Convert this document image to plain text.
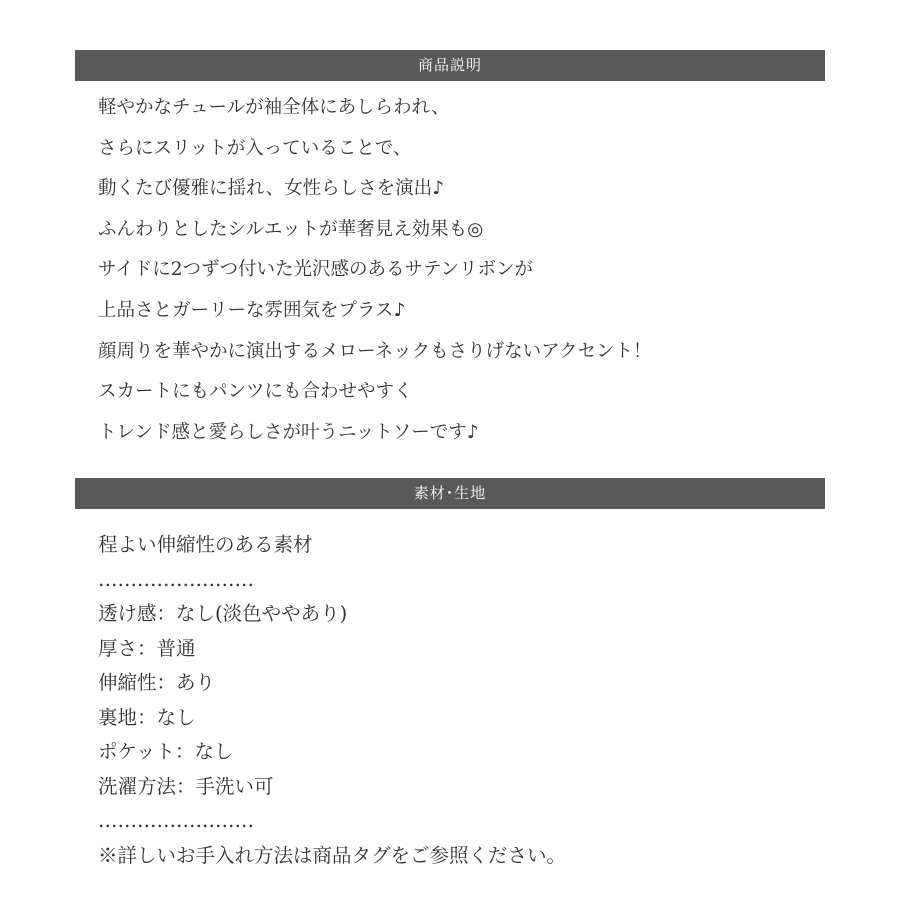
商品説明
軽やかなチュールが袖全体にあしらわれ、
さらにスリットが入っていることで、
動くたび優雅に揺れ、女性らしさを演出♪
ふんわりとしたシルエットが華奢見え効果も◎
サイドに2つずつ付いた光沢感のあるサテンリボンが
上品さとガーリーな雰囲気をプラス♪
顔周りを華やかに演出するメローネックもさりげないアクセント！
スカートにもパンツにも合わせやすく
トレンド感と愛らしさが叶うニットソーです♪
素材･生地
程よい伸縮性のある素材
……………………
透け感：なし(淡色ややあり)
厚さ：普通
伸縮性：あり
裏地：なし
ポケット：なし
洗濯方法：手洗い可
……………………
※詳しいお手入れ方法は商品タグをご参照ください。
